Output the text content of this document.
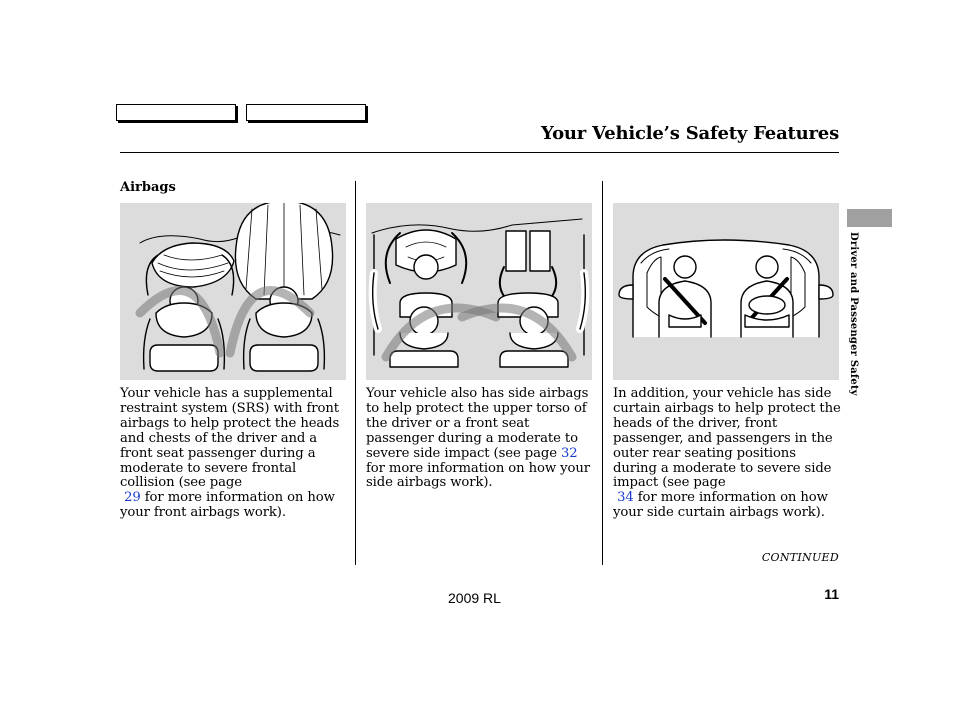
Your Vehicle’s Safety Features
Airbags
Your vehicle has a supplemental restraint system (SRS) with front airbags to help protect the heads and chests of the driver and a front seat passenger during a moderate to severe frontal collision (see page
29 for more information on how your front airbags work).
Your vehicle also has side airbags to help protect the upper torso of the driver or a front seat passenger during a moderate to severe side impact (see page 32 for more information on how your side airbags work).
In addition, your vehicle has side curtain airbags to help protect the heads of the driver, front passenger, and passengers in the outer rear seating positions during a moderate to severe side impact (see page
34 for more information on how your side curtain airbags work).
CONTINUED
Driver and Passenger Safety
2009 RL	11
